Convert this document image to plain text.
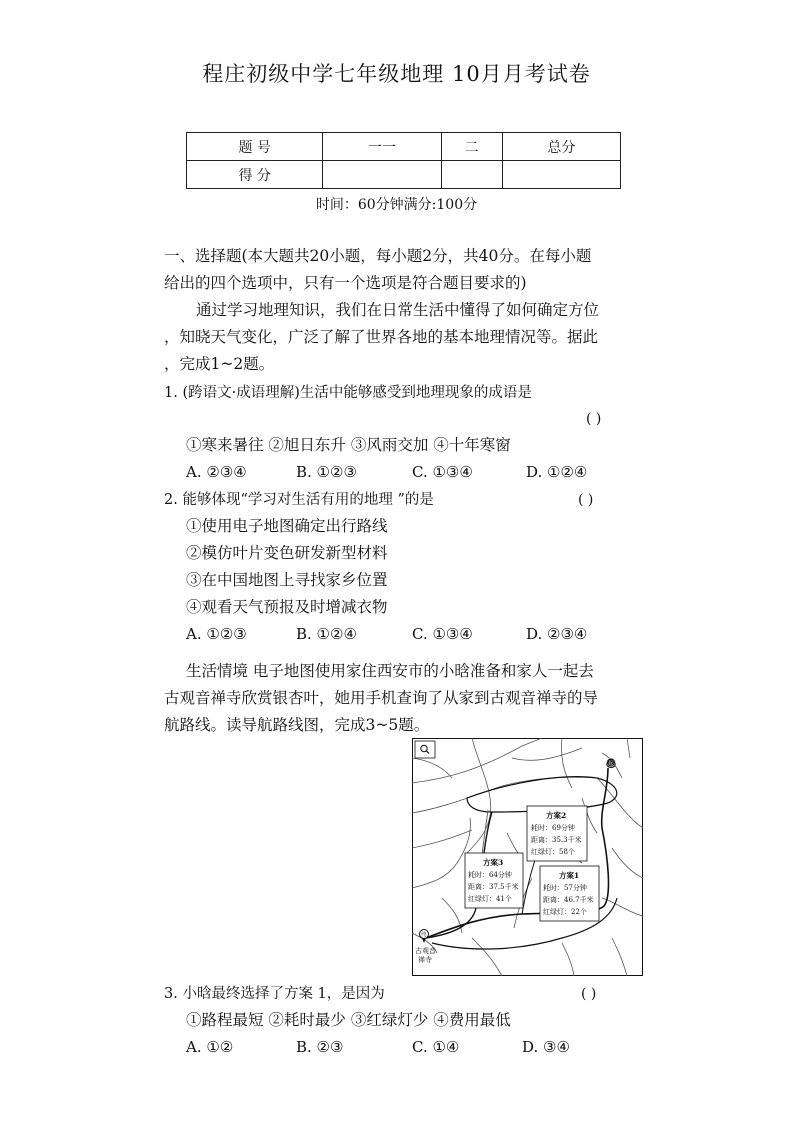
程庄初级中学七年级地理 10月月考试卷
题 号	一一	二	总分
得 分			
时间：60分钟满分:100分
一、选择题(本大题共20小题，每小题2分，共40分。在每小题
给出的四个选项中，只有一个选项是符合题目要求的)
通过学习地理知识，我们在日常生活中懂得了如何确定方位
，知晓天气变化，广泛了解了世界各地的基本地理情况等。据此
，完成1~2题。
1. (跨语文·成语理解)生活中能够感受到地理现象的成语是
( )
①寒来暑往 ②旭日东升 ③风雨交加 ④十年寒窗
A. ②③④	B. ①②③	C. ①③④	D. ①②④
2. 能够体现“学习对生活有用的地理 ”的是	( )
①使用电子地图确定出行路线
②模仿叶片变色研发新型材料
③在中国地图上寻找家乡位置
④观看天气预报及时增减衣物
A. ①②③	B. ①②④	C. ①③④	D. ②③④
生活情境 电子地图使用家住西安市的小晗准备和家人一起去
古观音禅寺欣赏银杏叶，她用手机查询了从家到古观音禅寺的导
航路线。读导航路线图，完成3~5题。
起
终
古观音
禅寺
方案2
耗时：69分钟
距离：35.3千米
红绿灯：58个
方案3
耗时：64分钟
距离：37.5千米
红绿灯：41个
方案1
耗时：57分钟
距离：46.7千米
红绿灯：22个
3. 小晗最终选择了方案 1，是因为	( )
①路程最短 ②耗时最少 ③红绿灯少 ④费用最低
A. ①②	B. ②③	C. ①④	D. ③④
